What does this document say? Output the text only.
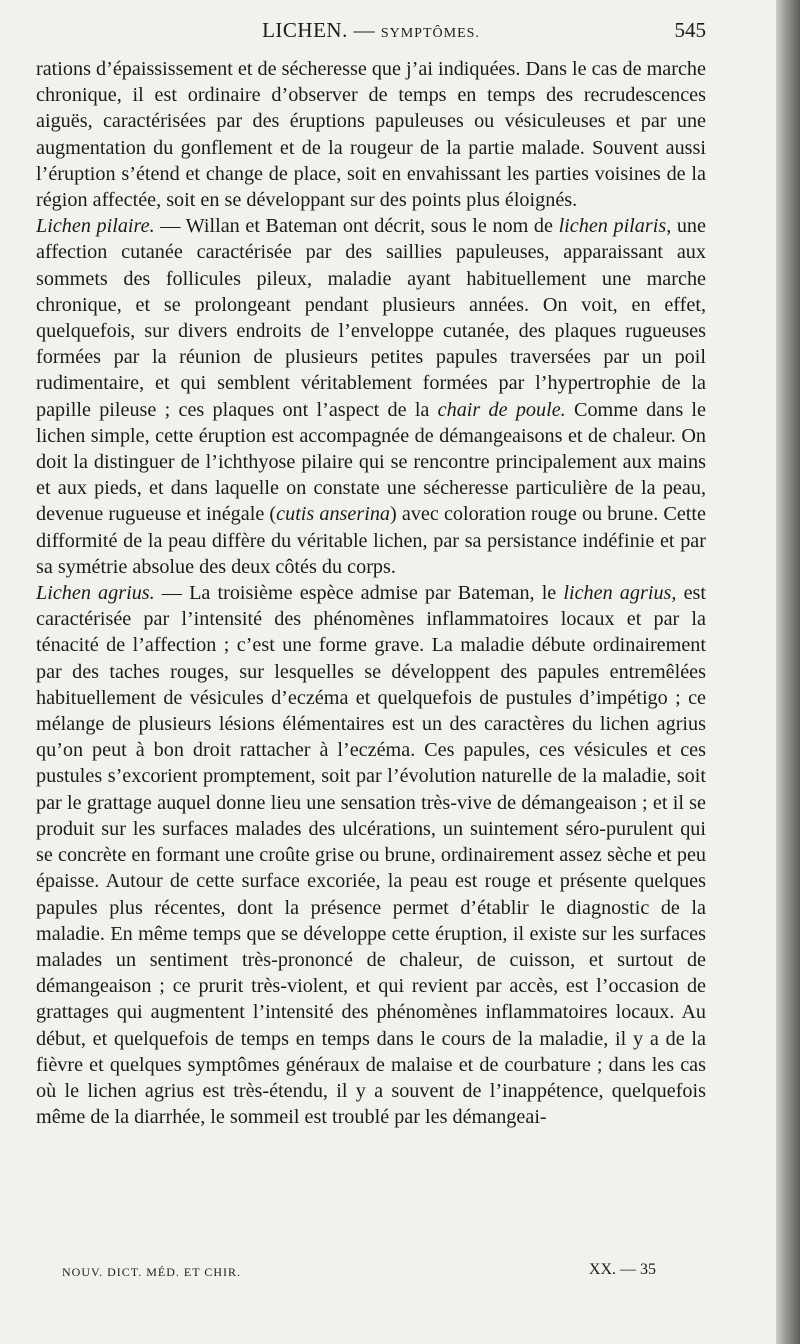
LICHEN. — SYMPTÔMES.	545

rations d’épaississement et de sécheresse que j’ai indiquées. Dans le cas de marche chronique, il est ordinaire d’observer de temps en temps des recrudescences aiguës, caractérisées par des éruptions papuleuses ou vésiculeuses et par une augmentation du gonflement et de la rougeur de la partie malade. Souvent aussi l’éruption s’étend et change de place, soit en envahissant les parties voisines de la région affectée, soit en se développant sur des points plus éloignés.

Lichen pilaire. — Willan et Bateman ont décrit, sous le nom de lichen pilaris, une affection cutanée caractérisée par des saillies papuleuses, apparaissant aux sommets des follicules pileux, maladie ayant habituellement une marche chronique, et se prolongeant pendant plusieurs années. On voit, en effet, quelquefois, sur divers endroits de l’enveloppe cutanée, des plaques rugueuses formées par la réunion de plusieurs petites papules traversées par un poil rudimentaire, et qui semblent véritablement formées par l’hypertrophie de la papille pileuse ; ces plaques ont l’aspect de la chair de poule. Comme dans le lichen simple, cette éruption est accompagnée de démangeaisons et de chaleur. On doit la distinguer de l’ichthyose pilaire qui se rencontre principalement aux mains et aux pieds, et dans laquelle on constate une sécheresse particulière de la peau, devenue rugueuse et inégale (cutis anserina) avec coloration rouge ou brune. Cette difformité de la peau diffère du véritable lichen, par sa persistance indéfinie et par sa symétrie absolue des deux côtés du corps.

Lichen agrius. — La troisième espèce admise par Bateman, le lichen agrius, est caractérisée par l’intensité des phénomènes inflammatoires locaux et par la ténacité de l’affection ; c’est une forme grave. La maladie débute ordinairement par des taches rouges, sur lesquelles se développent des papules entremêlées habituellement de vésicules d’eczéma et quelquefois de pustules d’impétigo ; ce mélange de plusieurs lésions élémentaires est un des caractères du lichen agrius qu’on peut à bon droit rattacher à l’eczéma. Ces papules, ces vésicules et ces pustules s’excorient promptement, soit par l’évolution naturelle de la maladie, soit par le grattage auquel donne lieu une sensation très-vive de démangeaison ; et il se produit sur les surfaces malades des ulcérations, un suintement séro-purulent qui se concrète en formant une croûte grise ou brune, ordinairement assez sèche et peu épaisse. Autour de cette surface excoriée, la peau est rouge et présente quelques papules plus récentes, dont la présence permet d’établir le diagnostic de la maladie. En même temps que se développe cette éruption, il existe sur les surfaces malades un sentiment très-prononcé de chaleur, de cuisson, et surtout de démangeaison ; ce prurit très-violent, et qui revient par accès, est l’occasion de grattages qui augmentent l’intensité des phénomènes inflammatoires locaux. Au début, et quelquefois de temps en temps dans le cours de la maladie, il y a de la fièvre et quelques symptômes généraux de malaise et de courbature ; dans les cas où le lichen agrius est très-étendu, il y a souvent de l’inappétence, quelquefois même de la diarrhée, le sommeil est troublé par les démangeai-

NOUV. DICT. MÉD. ET CHIR.	XX. — 35
